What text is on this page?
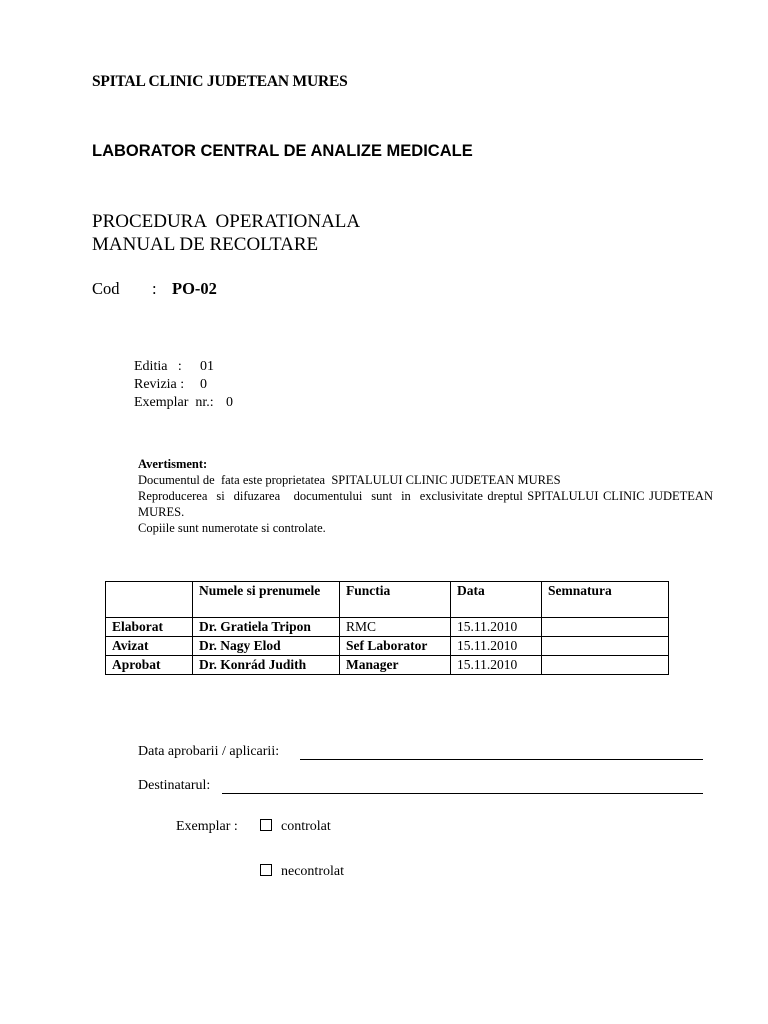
SPITAL CLINIC JUDETEAN MURES
LABORATOR CENTRAL DE ANALIZE MEDICALE
PROCEDURA  OPERATIONALA
MANUAL DE RECOLTARE
Cod : PO-02
Editia   : 01
Revizia : 0
Exemplar  nr.: 0
Avertisment:
Documentul de  fata este proprietatea  SPITALULUI CLINIC JUDETEAN MURES
Reproducerea  si  difuzarea   documentului  sunt  in  exclusivitate dreptul SPITALULUI CLINIC JUDETEAN MURES.
Copiile sunt numerotate si controlate.
	Numele si prenumele	Functia	Data	Semnatura
Elaborat	Dr. Gratiela Tripon	RMC	15.11.2010	
Avizat	Dr. Nagy Elod	Sef Laborator	15.11.2010	
Aprobat	Dr. Konrád Judith	Manager	15.11.2010	
Data aprobarii / aplicarii:
Destinatarul:
Exemplar :	controlat
necontrolat
